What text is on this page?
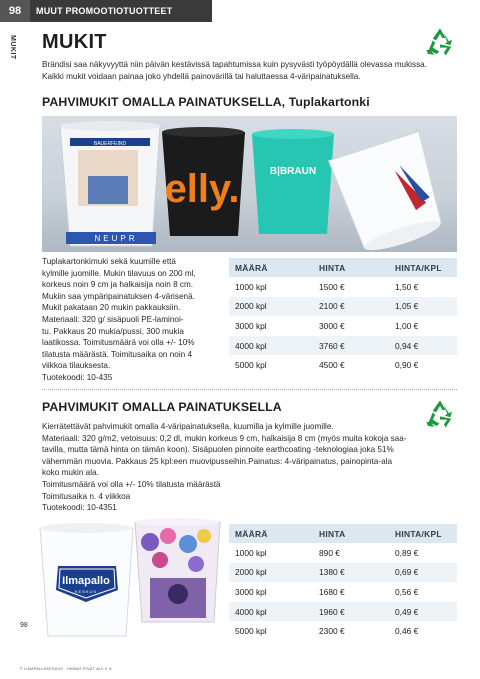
98	MUUT PROMOOTIOTUOTTEET
MUKIT MUKIT
Brändisi saa näkyvyyttä niin päivän kestävissä tapahtumissa kuin pysyvästi työpöydällä olevassa mukissa. Kaikki mukit voidaan painaa joko yhdellä painovärillä tai haluttaessa 4-väripainatuksella.
PAHVIMUKIT OMALLA PAINATUKSELLA, Tuplakartonki
BAUERFEIND
NEUPR
elly.	B|BRAUN
Tuplakartonkimuki sekä kuumille että
kylmille juomille. Mukin tilavuus on 200 ml,
korkeus noin 9 cm ja halkaisija noin 8 cm.
Mukiin saa ympäripainatuksen 4-värisenä.
Mukit pakataan 20 mukin pakkauksiin.
Materiaali: 320 g/ sisäpuoli PE-laminoi-
tu. Pakkaus 20 mukia/pussi, 300 mukia
laatikossa. Toimitusmäärä voi olla +/- 10%
tilatusta määrästä. Toimitusaika on noin 4
viikkoa tilauksesta.
Tuotekoodi: 10-435
MÄÄRÄ	HINTA	HINTA/KPL
1000 kpl	1500 €	1,50 €
2000 kpl	2100 €	1,05 €
3000 kpl	3000 €	1,00 €
4000 kpl	3760 €	0,94 €
5000 kpl	4500 €	0,90 €
PAHVIMUKIT OMALLA PAINATUKSELLA
Kierrätettävät pahvimukit omalla 4-väripainatuksella, kuumilla ja kylmille juomille.
Materiaali: 320 g/m2, vetoisuus: 0,2 dl, mukin korkeus 9 cm, halkaisija 8 cm (myös muita kokoja saa-
tavilla, mutta tämä hinta on tämän koon). Sisäpuolen pinnoite earthcoating -teknologiaa joka 51%
vähemmän muovia. Pakkaus 25 kpl:een muovipusseihin.Painatus: 4-väripainatus, painopinta-ala
koko mukin ala.
Toimitusmäärä voi olla +/- 10% tilatusta määrästä
Toimitusaika n. 4 viikkoa
Tuotekoodi: 10-4351
Ilmapallo
KESKUS
MÄÄRÄ	HINTA	HINTA/KPL
1000 kpl	890 €	0,89 €
2000 kpl	1380 €	0,69 €
3000 kpl	1680 €	0,56 €
4000 kpl	1960 €	0,49 €
5000 kpl	2300 €	0,46 €
98
© ILMAPALLOKESKUS · HINNAT EIVÄT ALV 0 %
